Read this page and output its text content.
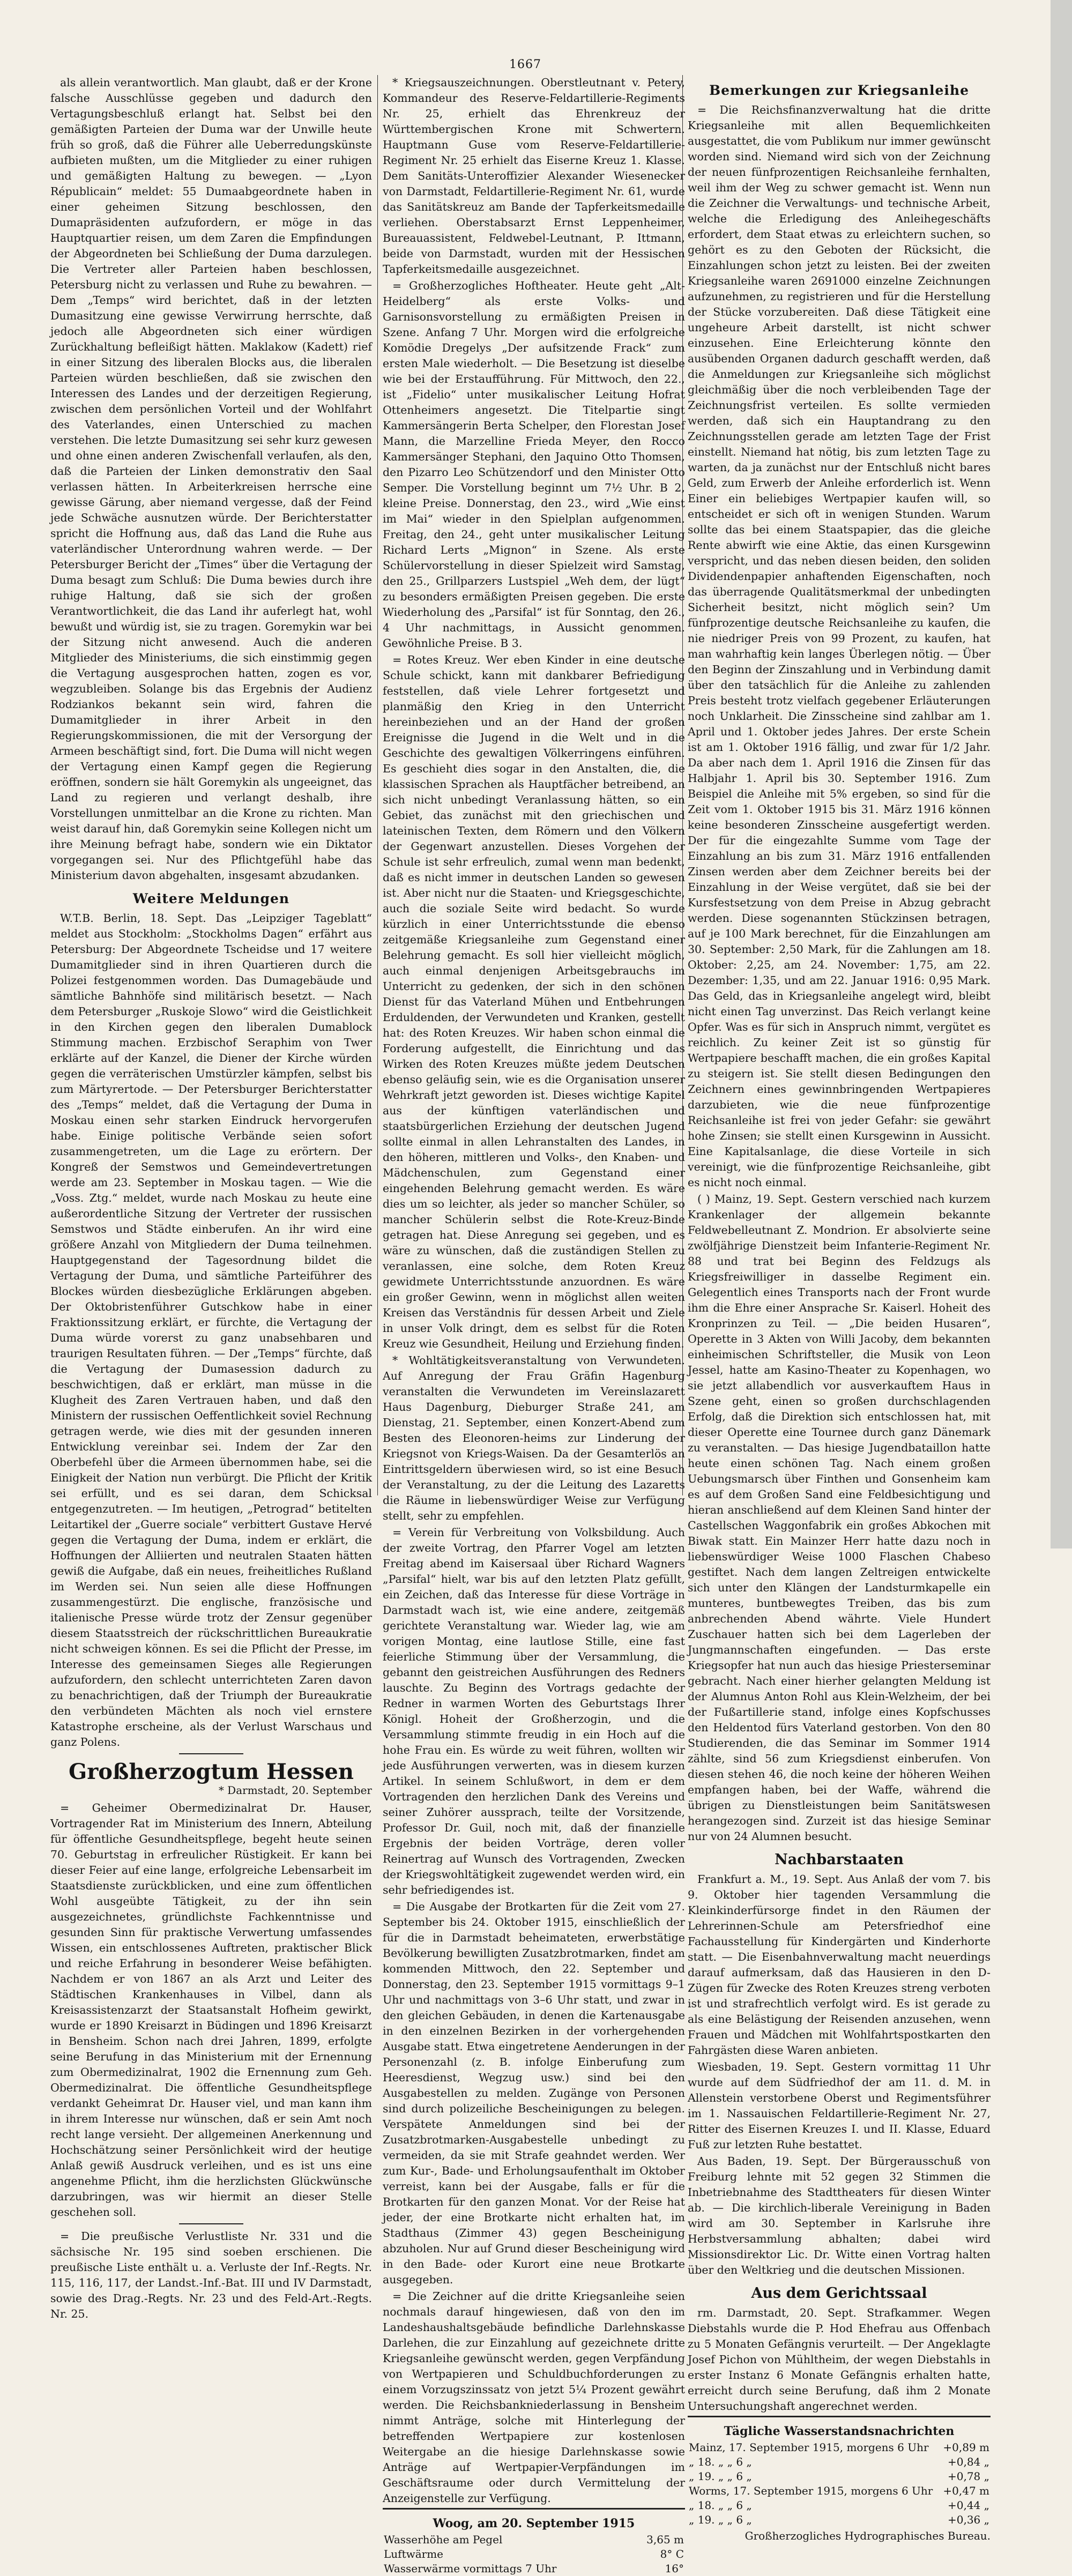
1667

als allein verantwortlich. Man glaubt, daß er der Krone falsche Ausschlüsse gegeben und dadurch den Vertagungsbeschluß erlangt hat. Selbst bei den gemäßigten Parteien der Duma war der Unwille heute früh so groß, daß die Führer alle Ueberredungskünste aufbieten mußten, um die Mitglieder zu einer ruhigen und gemäßigten Haltung zu bewegen. — „Lyon Républicain“ meldet: 55 Dumaabgeordnete haben in einer geheimen Sitzung beschlossen, den Dumapräsidenten aufzufordern, er möge in das Hauptquartier reisen, um dem Zaren die Empfindungen der Abgeordneten bei Schließung der Duma darzulegen. Die Vertreter aller Parteien haben beschlossen, Petersburg nicht zu verlassen und Ruhe zu bewahren. — Dem „Temps“ wird berichtet, daß in der letzten Dumasitzung eine gewisse Verwirrung herrschte, daß jedoch alle Abgeordneten sich einer würdigen Zurückhaltung befleißigt hätten. Maklakow (Kadett) rief in einer Sitzung des liberalen Blocks aus, die liberalen Parteien würden beschließen, daß sie zwischen den Interessen des Landes und der derzeitigen Regierung, zwischen dem persönlichen Vorteil und der Wohlfahrt des Vaterlandes, einen Unterschied zu machen verstehen. Die letzte Dumasitzung sei sehr kurz gewesen und ohne einen anderen Zwischenfall verlaufen, als den, daß die Parteien der Linken demonstrativ den Saal verlassen hätten. In Arbeiterkreisen herrsche eine gewisse Gärung, aber niemand vergesse, daß der Feind jede Schwäche ausnutzen würde. Der Berichterstatter spricht die Hoffnung aus, daß das Land die Ruhe aus vaterländischer Unterordnung wahren werde. — Der Petersburger Bericht der „Times“ über die Vertagung der Duma besagt zum Schluß: Die Duma bewies durch ihre ruhige Haltung, daß sie sich der großen Verantwortlichkeit, die das Land ihr auferlegt hat, wohl bewußt und würdig ist, sie zu tragen. Goremykin war bei der Sitzung nicht anwesend. Auch die anderen Mitglieder des Ministeriums, die sich einstimmig gegen die Vertagung ausgesprochen hatten, zogen es vor, wegzubleiben. Solange bis das Ergebnis der Audienz Rodziankos bekannt sein wird, fahren die Dumamitglieder in ihrer Arbeit in den Regierungskommissionen, die mit der Versorgung der Armeen beschäftigt sind, fort. Die Duma will nicht wegen der Vertagung einen Kampf gegen die Regierung eröffnen, sondern sie hält Goremykin als ungeeignet, das Land zu regieren und verlangt deshalb, ihre Vorstellungen unmittelbar an die Krone zu richten. Man weist darauf hin, daß Goremykin seine Kollegen nicht um ihre Meinung befragt habe, sondern wie ein Diktator vorgegangen sei. Nur des Pflichtgefühl habe das Ministerium davon abgehalten, insgesamt abzudanken.

Weitere Meldungen

W.T.B. Berlin, 18. Sept. Das „Leipziger Tageblatt“ meldet aus Stockholm: „Stockholms Dagen“ erfährt aus Petersburg: Der Abgeordnete Tscheidse und 17 weitere Dumamitglieder sind in ihren Quartieren durch die Polizei festgenommen worden. Das Dumagebäude und sämtliche Bahnhöfe sind militärisch besetzt. — Nach dem Petersburger „Ruskoje Slowo“ wird die Geistlichkeit in den Kirchen gegen den liberalen Dumablock Stimmung machen. Erzbischof Seraphim von Twer erklärte auf der Kanzel, die Diener der Kirche würden gegen die verräterischen Umstürzler kämpfen, selbst bis zum Märtyrertode. — Der Petersburger Berichterstatter des „Temps“ meldet, daß die Vertagung der Duma in Moskau einen sehr starken Eindruck hervorgerufen habe. Einige politische Verbände seien sofort zusammengetreten, um die Lage zu erörtern. Der Kongreß der Semstwos und Gemeindevertretungen werde am 23. September in Moskau tagen. — Wie die „Voss. Ztg.“ meldet, wurde nach Moskau zu heute eine außerordentliche Sitzung der Vertreter der russischen Semstwos und Städte einberufen. An ihr wird eine größere Anzahl von Mitgliedern der Duma teilnehmen. Hauptgegenstand der Tagesordnung bildet die Vertagung der Duma, und sämtliche Parteiführer des Blockes würden diesbezügliche Erklärungen abgeben. Der Oktobristenführer Gutschkow habe in einer Fraktionssitzung erklärt, er fürchte, die Vertagung der Duma würde vorerst zu ganz unabsehbaren und traurigen Resultaten führen. — Der „Temps“ fürchte, daß die Vertagung der Dumasession dadurch zu beschwichtigen, daß er erklärt, man müsse in die Klugheit des Zaren Vertrauen haben, und daß den Ministern der russischen Oeffentlichkeit soviel Rechnung getragen werde, wie dies mit der gesunden inneren Entwicklung vereinbar sei. Indem der Zar den Oberbefehl über die Armeen übernommen habe, sei die Einigkeit der Nation nun verbürgt. Die Pflicht der Kritik sei erfüllt, und es sei daran, dem Schicksal entgegenzutreten. — Im heutigen, „Petrograd“ betitelten Leitartikel der „Guerre sociale“ verbittert Gustave Hervé gegen die Vertagung der Duma, indem er erklärt, die Hoffnungen der Alliierten und neutralen Staaten hätten gewiß die Aufgabe, daß ein neues, freiheitliches Rußland im Werden sei. Nun seien alle diese Hoffnungen zusammengestürzt. Die englische, französische und italienische Presse würde trotz der Zensur gegenüber diesem Staatsstreich der rückschrittlichen Bureaukratie nicht schweigen können. Es sei die Pflicht der Presse, im Interesse des gemeinsamen Sieges alle Regierungen aufzufordern, den schlecht unterrichteten Zaren davon zu benachrichtigen, daß der Triumph der Bureaukratie den verbündeten Mächten als noch viel ernstere Katastrophe erscheine, als der Verlust Warschaus und ganz Polens.

Großherzogtum Hessen
* Darmstadt, 20. September

= Geheimer Obermedizinalrat Dr. Hauser, Vortragender Rat im Ministerium des Innern, Abteilung für öffentliche Gesundheitspflege, begeht heute seinen 70. Geburtstag in erfreulicher Rüstigkeit. Er kann bei dieser Feier auf eine lange, erfolgreiche Lebensarbeit im Staatsdienste zurückblicken, und eine zum öffentlichen Wohl ausgeübte Tätigkeit, zu der ihn sein ausgezeichnetes, gründlichste Fachkenntnisse und gesunden Sinn für praktische Verwertung umfassendes Wissen, ein entschlossenes Auftreten, praktischer Blick und reiche Erfahrung in besonderer Weise befähigten. Nachdem er von 1867 an als Arzt und Leiter des Städtischen Krankenhauses in Vilbel, dann als Kreisassistenzarzt der Staatsanstalt Hofheim gewirkt, wurde er 1890 Kreisarzt in Büdingen und 1896 Kreisarzt in Bensheim. Schon nach drei Jahren, 1899, erfolgte seine Berufung in das Ministerium mit der Ernennung zum Obermedizinalrat, 1902 die Ernennung zum Geh. Obermedizinalrat. Die öffentliche Gesundheitspflege verdankt Geheimrat Dr. Hauser viel, und man kann ihm in ihrem Interesse nur wünschen, daß er sein Amt noch recht lange versieht. Der allgemeinen Anerkennung und Hochschätzung seiner Persönlichkeit wird der heutige Anlaß gewiß Ausdruck verleihen, und es ist uns eine angenehme Pflicht, ihm die herzlichsten Glückwünsche darzubringen, was wir hiermit an dieser Stelle geschehen soll.

= Die preußische Verlustliste Nr. 331 und die sächsische Nr. 195 sind soeben erschienen. Die preußische Liste enthält u. a. Verluste der Inf.-Regts. Nr. 115, 116, 117, der Landst.-Inf.-Bat. III und IV Darmstadt, sowie des Drag.-Regts. Nr. 23 und des Feld-Art.-Regts. Nr. 25.

* Kriegsauszeichnungen. Oberstleutnant v. Petery, Kommandeur des Reserve-Feldartillerie-Regiments Nr. 25, erhielt das Ehrenkreuz der Württembergischen Krone mit Schwertern. Hauptmann Guse vom Reserve-Feldartillerie-Regiment Nr. 25 erhielt das Eiserne Kreuz 1. Klasse. Dem Sanitäts-Unteroffizier Alexander Wiesenecker von Darmstadt, Feldartillerie-Regiment Nr. 61, wurde das Sanitätskreuz am Bande der Tapferkeitsmedaille verliehen. Oberstabsarzt Ernst Leppenheimer, Bureauassistent, Feldwebel-Leutnant, P. Ittmann, beide von Darmstadt, wurden mit der Hessischen Tapferkeitsmedaille ausgezeichnet.

= Großherzogliches Hoftheater. Heute geht „Alt-Heidelberg“ als erste Volks- und Garnisonsvorstellung zu ermäßigten Preisen in Szene. Anfang 7 Uhr. Morgen wird die erfolgreiche Komödie Dregelys „Der aufsitzende Frack“ zum ersten Male wiederholt. — Die Besetzung ist dieselbe wie bei der Erstaufführung. Für Mittwoch, den 22., ist „Fidelio“ unter musikalischer Leitung Hofrat Ottenheimers angesetzt. Die Titelpartie singt Kammersängerin Berta Schelper, den Florestan Josef Mann, die Marzelline Frieda Meyer, den Rocco Kammersänger Stephani, den Jaquino Otto Thomsen, den Pizarro Leo Schützendorf und den Minister Otto Semper. Die Vorstellung beginnt um 7½ Uhr. B 2, kleine Preise. Donnerstag, den 23., wird „Wie einst im Mai“ wieder in den Spielplan aufgenommen. Freitag, den 24., geht unter musikalischer Leitung Richard Lerts „Mignon“ in Szene. Als erste Schülervorstellung in dieser Spielzeit wird Samstag, den 25., Grillparzers Lustspiel „Weh dem, der lügt“ zu besonders ermäßigten Preisen gegeben. Die erste Wiederholung des „Parsifal“ ist für Sonntag, den 26., 4 Uhr nachmittags, in Aussicht genommen. Gewöhnliche Preise. B 3.

= Rotes Kreuz. Wer eben Kinder in eine deutsche Schule schickt, kann mit dankbarer Befriedigung feststellen, daß viele Lehrer fortgesetzt und planmäßig den Krieg in den Unterricht hereinbeziehen und an der Hand der großen Ereignisse die Jugend in die Welt und in die Geschichte des gewaltigen Völkerringens einführen. Es geschieht dies sogar in den Anstalten, die, die klassischen Sprachen als Hauptfächer betreibend, an sich nicht unbedingt Veranlassung hätten, so ein Gebiet, das zunächst mit den griechischen und lateinischen Texten, dem Römern und den Völkern der Gegenwart anzustellen. Dieses Vorgehen der Schule ist sehr erfreulich, zumal wenn man bedenkt, daß es nicht immer in deutschen Landen so gewesen ist. Aber nicht nur die Staaten- und Kriegsgeschichte, auch die soziale Seite wird bedacht. So wurde kürzlich in einer Unterrichtsstunde die ebenso zeitgemäße Kriegsanleihe zum Gegenstand einer Belehrung gemacht. Es soll hier vielleicht möglich, auch einmal denjenigen Arbeitsgebrauchs im Unterricht zu gedenken, der sich in den schönen Dienst für das Vaterland Mühen und Entbehrungen Erduldenden, der Verwundeten und Kranken, gestellt hat: des Roten Kreuzes. Wir haben schon einmal die Forderung aufgestellt, die Einrichtung und das Wirken des Roten Kreuzes müßte jedem Deutschen ebenso geläufig sein, wie es die Organisation unserer Wehrkraft jetzt geworden ist. Dieses wichtige Kapitel aus der künftigen vaterländischen und staatsbürgerlichen Erziehung der deutschen Jugend sollte einmal in allen Lehranstalten des Landes, in den höheren, mittleren und Volks-, den Knaben- und Mädchenschulen, zum Gegenstand einer eingehenden Belehrung gemacht werden. Es wäre dies um so leichter, als jeder so mancher Schüler, so mancher Schülerin selbst die Rote-Kreuz-Binde getragen hat. Diese Anregung sei gegeben, und es wäre zu wünschen, daß die zuständigen Stellen zu veranlassen, eine solche, dem Roten Kreuz gewidmete Unterrichtsstunde anzuordnen. Es wäre ein großer Gewinn, wenn in möglichst allen weiten Kreisen das Verständnis für dessen Arbeit und Ziele in unser Volk dringt, dem es selbst für die Roten Kreuz wie Gesundheit, Heilung und Erziehung finden.

* Wohltätigkeitsveranstaltung von Verwundeten. Auf Anregung der Frau Gräfin Hagenburg veranstalten die Verwundeten im Vereinslazarett Haus Dagenburg, Dieburger Straße 241, am Dienstag, 21. September, einen Konzert-Abend zum Besten des Eleonoren-heims zur Linderung der Kriegsnot von Kriegs-Waisen. Da der Gesamterlös an Eintrittsgeldern überwiesen wird, so ist eine Besuch der Veranstaltung, zu der die Leitung des Lazaretts die Räume in liebenswürdiger Weise zur Verfügung stellt, sehr zu empfehlen.

= Verein für Verbreitung von Volksbildung. Auch der zweite Vortrag, den Pfarrer Vogel am letzten Freitag abend im Kaisersaal über Richard Wagners „Parsifal“ hielt, war bis auf den letzten Platz gefüllt, ein Zeichen, daß das Interesse für diese Vorträge in Darmstadt wach ist, wie eine andere, zeitgemäß gerichtete Veranstaltung war. Wieder lag, wie am vorigen Montag, eine lautlose Stille, eine fast feierliche Stimmung über der Versammlung, die gebannt den geistreichen Ausführungen des Redners lauschte. Zu Beginn des Vortrags gedachte der Redner in warmen Worten des Geburtstags Ihrer Königl. Hoheit der Großherzogin, und die Versammlung stimmte freudig in ein Hoch auf die hohe Frau ein. Es würde zu weit führen, wollten wir jede Ausführungen verwerten, was in diesem kurzen Artikel. In seinem Schlußwort, in dem er dem Vortragenden den herzlichen Dank des Vereins und seiner Zuhörer aussprach, teilte der Vorsitzende, Professor Dr. Guil, noch mit, daß der finanzielle Ergebnis der beiden Vorträge, deren voller Reinertrag auf Wunsch des Vortragenden, Zwecken der Kriegswohltätigkeit zugewendet werden wird, ein sehr befriedigendes ist.

= Die Ausgabe der Brotkarten für die Zeit vom 27. September bis 24. Oktober 1915, einschließlich der für die in Darmstadt beheimateten, erwerbstätige Bevölkerung bewilligten Zusatzbrotmarken, findet am kommenden Mittwoch, den 22. September und Donnerstag, den 23. September 1915 vormittags 9–1 Uhr und nachmittags von 3–6 Uhr statt, und zwar in den gleichen Gebäuden, in denen die Kartenausgabe in den einzelnen Bezirken in der vorhergehenden Ausgabe statt. Etwa eingetretene Aenderungen in der Personenzahl (z. B. infolge Einberufung zum Heeresdienst, Wegzug usw.) sind bei den Ausgabestellen zu melden. Zugänge von Personen sind durch polizeiliche Bescheinigungen zu belegen. Verspätete Anmeldungen sind bei der Zusatzbrotmarken-Ausgabestelle unbedingt zu vermeiden, da sie mit Strafe geahndet werden. Wer zum Kur-, Bade- und Erholungsaufenthalt im Oktober verreist, kann bei der Ausgabe, falls er für die Brotkarten für den ganzen Monat. Vor der Reise hat jeder, der eine Brotkarte nicht erhalten hat, im Stadthaus (Zimmer 43) gegen Bescheinigung abzuholen. Nur auf Grund dieser Bescheinigung wird in den Bade- oder Kurort eine neue Brotkarte ausgegeben.

= Die Zeichner auf die dritte Kriegsanleihe seien nochmals darauf hingewiesen, daß von den im Landeshaushaltsgebäude befindliche Darlehnskasse Darlehen, die zur Einzahlung auf gezeichnete dritte Kriegsanleihe gewünscht werden, gegen Verpfändung von Wertpapieren und Schuldbuchforderungen zu einem Vorzugszinssatz von jetzt 5¼ Prozent gewährt werden. Die Reichsbankniederlassung in Bensheim nimmt Anträge, solche mit Hinterlegung der betreffenden Wertpapiere zur kostenlosen Weitergabe an die hiesige Darlehnskasse sowie Anträge auf Wertpapier-Verpfändungen im Geschäftsraume oder durch Vermittelung der Anzeigenstelle zur Verfügung.

Woog, am 20. September 1915
Wasserhöhe am Pegel	3,65 m
Luftwärme	8° C
Wasserwärme vormittags 7 Uhr	16°
Bemerkungen zur Kriegsanleihe

= Die Reichsfinanzverwaltung hat die dritte Kriegsanleihe mit allen Bequemlichkeiten ausgestattet, die vom Publikum nur immer gewünscht worden sind. Niemand wird sich von der Zeichnung der neuen fünfprozentigen Reichsanleihe fernhalten, weil ihm der Weg zu schwer gemacht ist. Wenn nun die Zeichner die Verwaltungs- und technische Arbeit, welche die Erledigung des Anleihegeschäfts erfordert, dem Staat etwas zu erleichtern suchen, so gehört es zu den Geboten der Rücksicht, die Einzahlungen schon jetzt zu leisten. Bei der zweiten Kriegsanleihe waren 2691000 einzelne Zeichnungen aufzunehmen, zu registrieren und für die Herstellung der Stücke vorzubereiten. Daß diese Tätigkeit eine ungeheure Arbeit darstellt, ist nicht schwer einzusehen. Eine Erleichterung könnte den ausübenden Organen dadurch geschafft werden, daß die Anmeldungen zur Kriegsanleihe sich möglichst gleichmäßig über die noch verbleibenden Tage der Zeichnungsfrist verteilen. Es sollte vermieden werden, daß sich ein Hauptandrang zu den Zeichnungsstellen gerade am letzten Tage der Frist einstellt. Niemand hat nötig, bis zum letzten Tage zu warten, da ja zunächst nur der Entschluß nicht bares Geld, zum Erwerb der Anleihe erforderlich ist. Wenn Einer ein beliebiges Wertpapier kaufen will, so entscheidet er sich oft in wenigen Stunden. Warum sollte das bei einem Staatspapier, das die gleiche Rente abwirft wie eine Aktie, das einen Kursgewinn verspricht, und das neben diesen beiden, den soliden Dividendenpapier anhaftenden Eigenschaften, noch das überragende Qualitätsmerkmal der unbedingten Sicherheit besitzt, nicht möglich sein? Um fünfprozentige deutsche Reichsanleihe zu kaufen, die nie niedriger Preis von 99 Prozent, zu kaufen, hat man wahrhaftig kein langes Überlegen nötig. — Über den Beginn der Zinszahlung und in Verbindung damit über den tatsächlich für die Anleihe zu zahlenden Preis besteht trotz vielfach gegebener Erläuterungen noch Unklarheit. Die Zinsscheine sind zahlbar am 1. April und 1. Oktober jedes Jahres. Der erste Schein ist am 1. Oktober 1916 fällig, und zwar für 1/2 Jahr. Da aber nach dem 1. April 1916 die Zinsen für das Halbjahr 1. April bis 30. September 1916. Zum Beispiel die Anleihe mit 5% ergeben, so sind für die Zeit vom 1. Oktober 1915 bis 31. März 1916 können keine besonderen Zinsscheine ausgefertigt werden. Der für die eingezahlte Summe vom Tage der Einzahlung an bis zum 31. März 1916 entfallenden Zinsen werden aber dem Zeichner bereits bei der Einzahlung in der Weise vergütet, daß sie bei der Kursfestsetzung von dem Preise in Abzug gebracht werden. Diese sogenannten Stückzinsen betragen, auf je 100 Mark berechnet, für die Einzahlungen am 30. September: 2,50 Mark, für die Zahlungen am 18. Oktober: 2,25, am 24. November: 1,75, am 22. Dezember: 1,35, und am 22. Januar 1916: 0,95 Mark. Das Geld, das in Kriegsanleihe angelegt wird, bleibt nicht einen Tag unverzinst. Das Reich verlangt keine Opfer. Was es für sich in Anspruch nimmt, vergütet es reichlich. Zu keiner Zeit ist so günstig für Wertpapiere beschafft machen, die ein großes Kapital zu steigern ist. Sie stellt diesen Bedingungen den Zeichnern eines gewinnbringenden Wertpapieres darzubieten, wie die neue fünfprozentige Reichsanleihe ist frei von jeder Gefahr: sie gewährt hohe Zinsen; sie stellt einen Kursgewinn in Aussicht. Eine Kapitalsanlage, die diese Vorteile in sich vereinigt, wie die fünfprozentige Reichsanleihe, gibt es nicht noch einmal.

( ) Mainz, 19. Sept. Gestern verschied nach kurzem Krankenlager der allgemein bekannte Feldwebelleutnant Z. Mondrion. Er absolvierte seine zwölfjährige Dienstzeit beim Infanterie-Regiment Nr. 88 und trat bei Beginn des Feldzugs als Kriegsfreiwilliger in dasselbe Regiment ein. Gelegentlich eines Transports nach der Front wurde ihm die Ehre einer Ansprache Sr. Kaiserl. Hoheit des Kronprinzen zu Teil. — „Die beiden Husaren“, Operette in 3 Akten von Willi Jacoby, dem bekannten einheimischen Schriftsteller, die Musik von Leon Jessel, hatte am Kasino-Theater zu Kopenhagen, wo sie jetzt allabendlich vor ausverkauftem Haus in Szene geht, einen so großen durchschlagenden Erfolg, daß die Direktion sich entschlossen hat, mit dieser Operette eine Tournee durch ganz Dänemark zu veranstalten. — Das hiesige Jugendbataillon hatte heute einen schönen Tag. Nach einem großen Uebungsmarsch über Finthen und Gonsenheim kam es auf dem Großen Sand eine Feldbesichtigung und hieran anschließend auf dem Kleinen Sand hinter der Castellschen Waggonfabrik ein großes Abkochen mit Biwak statt. Ein Mainzer Herr hatte dazu noch in liebenswürdiger Weise 1000 Flaschen Chabeso gestiftet. Nach dem langen Zeltreigen entwickelte sich unter den Klängen der Landsturmkapelle ein munteres, buntbewegtes Treiben, das bis zum anbrechenden Abend währte. Viele Hundert Zuschauer hatten sich bei dem Lagerleben der Jungmannschaften eingefunden. — Das erste Kriegsopfer hat nun auch das hiesige Priesterseminar gebracht. Nach einer hierher gelangten Meldung ist der Alumnus Anton Rohl aus Klein-Welzheim, der bei der Fußartillerie stand, infolge eines Kopfschusses den Heldentod fürs Vaterland gestorben. Von den 80 Studierenden, die das Seminar im Sommer 1914 zählte, sind 56 zum Kriegsdienst einberufen. Von diesen stehen 46, die noch keine der höheren Weihen empfangen haben, bei der Waffe, während die übrigen zu Dienstleistungen beim Sanitätswesen herangezogen sind. Zurzeit ist das hiesige Seminar nur von 24 Alumnen besucht.

Nachbarstaaten

Frankfurt a. M., 19. Sept. Aus Anlaß der vom 7. bis 9. Oktober hier tagenden Versammlung die Kleinkinderfürsorge findet in den Räumen der Lehrerinnen-Schule am Petersfriedhof eine Fachausstellung für Kindergärten und Kinderhorte statt. — Die Eisenbahnverwaltung macht neuerdings darauf aufmerksam, daß das Hausieren in den D-Zügen für Zwecke des Roten Kreuzes streng verboten ist und strafrechtlich verfolgt wird. Es ist gerade zu als eine Belästigung der Reisenden anzusehen, wenn Frauen und Mädchen mit Wohlfahrtspostkarten den Fahrgästen diese Waren anbieten.

Wiesbaden, 19. Sept. Gestern vormittag 11 Uhr wurde auf dem Südfriedhof der am 11. d. M. in Allenstein verstorbene Oberst und Regimentsführer im 1. Nassauischen Feldartillerie-Regiment Nr. 27, Ritter des Eisernen Kreuzes I. und II. Klasse, Eduard Fuß zur letzten Ruhe bestattet.

Aus Baden, 19. Sept. Der Bürgerausschuß von Freiburg lehnte mit 52 gegen 32 Stimmen die Inbetriebnahme des Stadttheaters für diesen Winter ab. — Die kirchlich-liberale Vereinigung in Baden wird am 30. September in Karlsruhe ihre Herbstversammlung abhalten; dabei wird Missionsdirektor Lic. Dr. Witte einen Vortrag halten über den Weltkrieg und die deutschen Missionen.

Aus dem Gerichtssaal

rm. Darmstadt, 20. Sept. Strafkammer. Wegen Diebstahls wurde die P. Hod Ehefrau aus Offenbach zu 5 Monaten Gefängnis verurteilt. — Der Angeklagte Josef Pichon von Mühltheim, der wegen Diebstahls in erster Instanz 6 Monate Gefängnis erhalten hatte, erreicht durch seine Berufung, daß ihm 2 Monate Untersuchungshaft angerechnet werden.

Tägliche Wasserstandsnachrichten
Mainz, 17. September 1915, morgens 6 Uhr	+0,89 m
„ 18. „ „ 6 „	+0,84 „
„ 19. „ „ 6 „	+0,78 „
Worms, 17. September 1915, morgens 6 Uhr	+0,47 m
„ 18. „ „ 6 „	+0,44 „
„ 19. „ „ 6 „	+0,36 „
Großherzogliches Hydrographisches Bureau.
